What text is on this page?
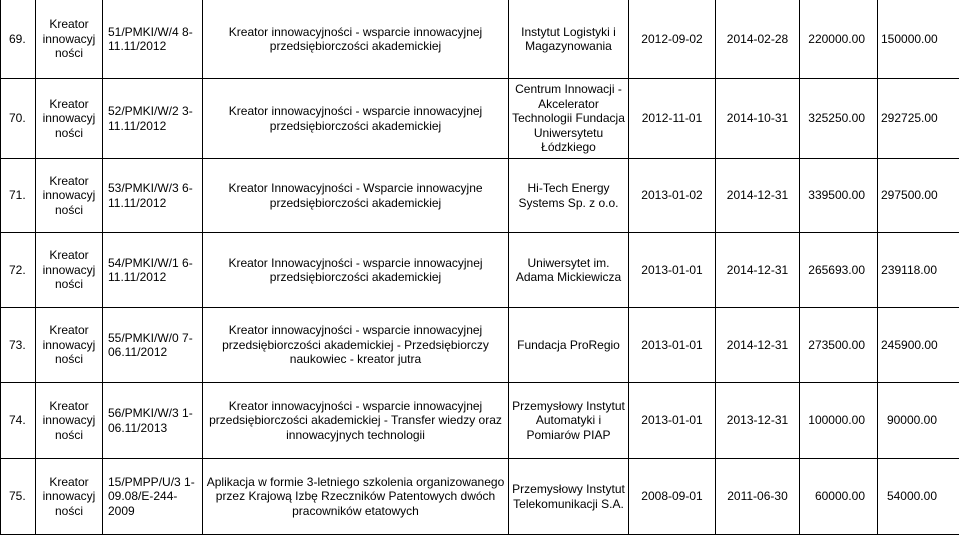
69.	Kreator innowacyj ności	51/PMKI/W/4 8-11.11/2012	Kreator innowacyjności - wsparcie innowacyjnej przedsiębiorczości akademickiej	Instytut Logistyki i Magazynowania	2012-09-02	2014-02-28	220000.00	150000.00
70.	Kreator innowacyj ności	52/PMKI/W/2 3-11.11/2012	Kreator innowacyjności - wsparcie innowacyjnej przedsiębiorczości akademickiej	Centrum Innowacji - Akcelerator Technologii Fundacja Uniwersytetu Łódzkiego	2012-11-01	2014-10-31	325250.00	292725.00
71.	Kreator innowacyj ności	53/PMKI/W/3 6-11.11/2012	Kreator Innowacyjności - Wsparcie innowacyjne przedsiębiorczości akademickiej	Hi-Tech Energy Systems Sp. z o.o.	2013-01-02	2014-12-31	339500.00	297500.00
72.	Kreator innowacyj ności	54/PMKI/W/1 6-11.11/2012	Kreator Innowacyjności - wsparcie innowacyjnej przedsiębiorczości akademickiej	Uniwersytet im. Adama Mickiewicza	2013-01-01	2014-12-31	265693.00	239118.00
73.	Kreator innowacyj ności	55/PMKI/W/0 7-06.11/2012	Kreator innowacyjności - wsparcie innowacyjnej przedsiębiorczości akademickiej - Przedsiębiorczy naukowiec - kreator jutra	Fundacja ProRegio	2013-01-01	2014-12-31	273500.00	245900.00
74.	Kreator innowacyj ności	56/PMKI/W/3 1-06.11/2013	Kreator innowacyjności - wsparcie innowacyjnej przedsiębiorczości akademickiej - Transfer wiedzy oraz innowacyjnych technologii	Przemysłowy Instytut Automatyki i Pomiarów PIAP	2013-01-01	2013-12-31	100000.00	90000.00
75.	Kreator innowacyj ności	15/PMPP/U/3 1-09.08/E-244-2009	Aplikacja w formie 3-letniego szkolenia organizowanego przez Krajową Izbę Rzeczników Patentowych dwóch pracowników etatowych	Przemysłowy Instytut Telekomunikacji S.A.	2008-09-01	2011-06-30	60000.00	54000.00
